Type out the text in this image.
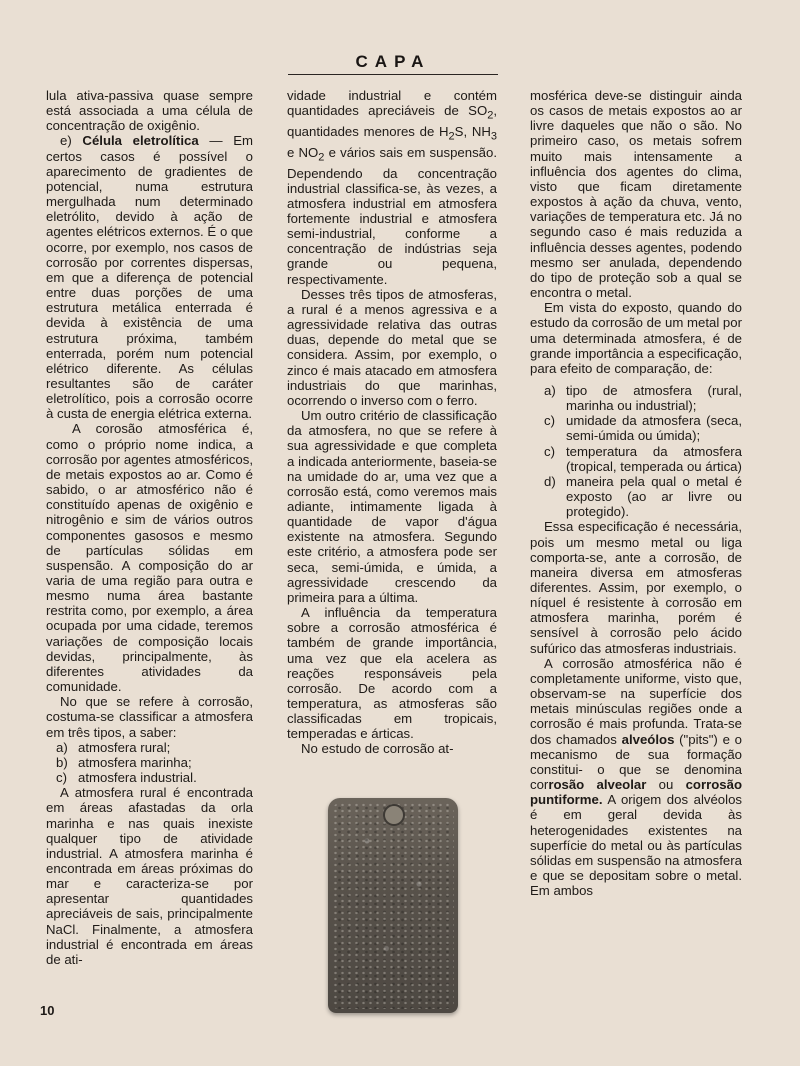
CAPA

lula ativa-passiva quase sempre está associada a uma célula de concentração de oxigênio.

e) Célula eletrolítica — Em certos casos é possível o aparecimento de gradientes de potencial, numa estrutura mergulhada num determinado eletrólito, devido à ação de agentes elétricos externos. É o que ocorre, por exemplo, nos casos de corrosão por correntes dispersas, em que a diferença de potencial entre duas porções de uma estrutura metálica enterrada é devida à existência de uma estrutura próxima, também enterrada, porém num potencial elétrico diferente. As células resultantes são de caráter eletrolítico, pois a corrosão ocorre à custa de energia elétrica externa.

A corosão atmosférica é, como o próprio nome indica, a corrosão por agentes atmosféricos, de metais expostos ao ar. Como é sabido, o ar atmosférico não é constituído apenas de oxigênio e nitrogênio e sim de vários outros componentes gasosos e mesmo de partículas sólidas em suspensão. A composição do ar varia de uma região para outra e mesmo numa área bastante restrita como, por exemplo, a área ocupada por uma cidade, teremos variações de composição locais devidas, principalmente, às diferentes atividades da comunidade.

No que se refere à corrosão, costuma-se classificar a atmosfera em três tipos, a saber:

a) atmosfera rural;
b) atmosfera marinha;
c) atmosfera industrial.

A atmosfera rural é encontrada em áreas afastadas da orla marinha e nas quais inexiste qualquer tipo de atividade industrial. A atmosfera marinha é encontrada em áreas próximas do mar e caracteriza-se por apresentar quantidades apreciáveis de sais, principalmente NaCl. Finalmente, a atmosfera industrial é encontrada em áreas de ati-

vidade industrial e contém quantidades apreciáveis de $SO_2$, quantidades menores de $H_2S$, $NH_3$ e $NO_2$ e vários sais em suspensão. Dependendo da concentração industrial classifica-se, às vezes, a atmosfera industrial em atmosfera fortemente industrial e atmosfera semi-industrial, conforme a concentração de indústrias seja grande ou pequena, respectivamente.

Desses três tipos de atmosferas, a rural é a menos agressiva e a agressividade relativa das outras duas, depende do metal que se considera. Assim, por exemplo, o zinco é mais atacado em atmosfera industriais do que marinhas, ocorrendo o inverso com o ferro.

Um outro critério de classificação da atmosfera, no que se refere à sua agressividade e que completa a indicada anteriormente, baseia-se na umidade do ar, uma vez que a corrosão está, como veremos mais adiante, intimamente ligada à quantidade de vapor d'água existente na atmosfera. Segundo este critério, a atmosfera pode ser seca, semi-úmida, e úmida, a agressividade crescendo da primeira para a última.

A influência da temperatura sobre a corrosão atmosférica é também de grande importância, uma vez que ela acelera as reações responsáveis pela corrosão. De acordo com a temperatura, as atmosferas são classificadas em tropicais, temperadas e árticas.

No estudo de corrosão at-

mosférica deve-se distinguir ainda os casos de metais expostos ao ar livre daqueles que não o são. No primeiro caso, os metais sofrem muito mais intensamente a influência dos agentes do clima, visto que ficam diretamente expostos à ação da chuva, vento, variações de temperatura etc. Já no segundo caso é mais reduzida a influência desses agentes, podendo mesmo ser anulada, dependendo do tipo de proteção sob a qual se encontra o metal.

Em vista do exposto, quando do estudo da corrosão de um metal por uma determinada atmosfera, é de grande importância a especificação, para efeito de comparação, de:

a) tipo de atmosfera (rural, marinha ou industrial);
c) umidade da atmosfera (seca, semi-úmida ou úmida);
c) temperatura da atmosfera (tropical, temperada ou ártica)
d) maneira pela qual o metal é exposto (ao ar livre ou protegido).

Essa especificação é necessária, pois um mesmo metal ou liga comporta-se, ante a corrosão, de maneira diversa em atmosferas diferentes. Assim, por exemplo, o níquel é resistente à corrosão em atmosfera marinha, porém é sensível à corrosão pelo ácido sufúrico das atmosferas industriais.

A corrosão atmosférica não é completamente uniforme, visto que, observam-se na superfície dos metais minúsculas regiões onde a corrosão é mais profunda. Trata-se dos chamados alveólos ("pits") e o mecanismo de sua formação constitui- o que se denomina corrosão alveolar ou corrosão puntiforme. A origem dos alvéolos é em geral devida às heterogenidades existentes na superfície do metal ou às partículas sólidas em suspensão na atmosfera e que se depositam sobre o metal. Em ambos

10
